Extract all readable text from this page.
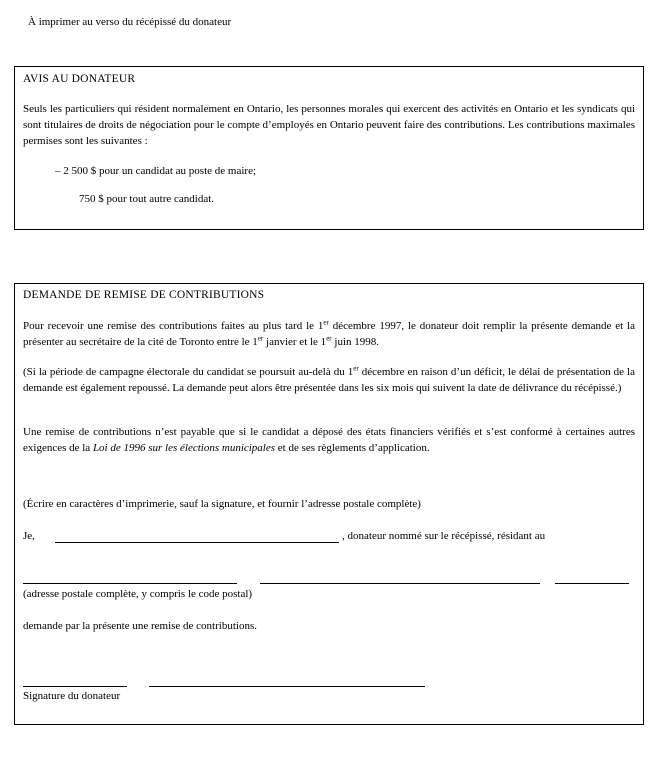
À imprimer au verso du récépissé du donateur
AVIS AU DONATEUR
Seuls les particuliers qui résident normalement en Ontario, les personnes morales qui exercent des activités en Ontario et les syndicats qui sont titulaires de droits de négociation pour le compte d’employés en Ontario peuvent faire des contributions. Les contributions maximales permises sont les suivantes :
– 2 500 $ pour un candidat au poste de maire;
750 $ pour tout autre candidat.
DEMANDE DE REMISE DE CONTRIBUTIONS
Pour recevoir une remise des contributions faites au plus tard le 1er décembre 1997, le donateur doit remplir la présente demande et la présenter au secrétaire de la cité de Toronto entre le 1er janvier et le 1er juin 1998.
(Si la période de campagne électorale du candidat se poursuit au-delà du 1er décembre en raison d’un déficit, le délai de présentation de la demande est également repoussé. La demande peut alors être présentée dans les six mois qui suivent la date de délivrance du récépissé.)
Une remise de contributions n’est payable que si le candidat a déposé des états financiers vérifiés et s’est conformé à certaines autres exigences de la Loi de 1996 sur les élections municipales et de ses règlements d’application.
(Écrire en caractères d’imprimerie, sauf la signature, et fournir l’adresse postale complète)
Je,	, donateur nommé sur le récépissé, résidant au
(adresse postale complète, y compris le code postal)
demande par la présente une remise de contributions.
Signature du donateur
